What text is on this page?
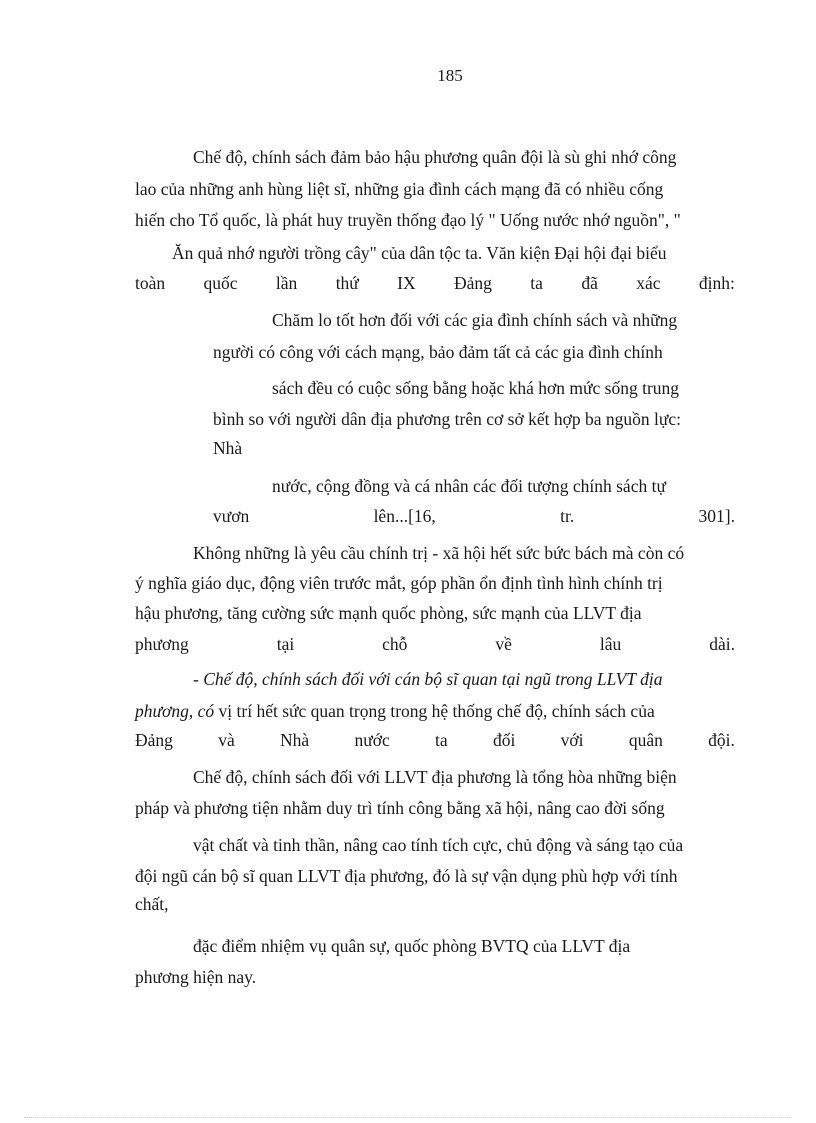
185
Chế độ, chính sách đảm bảo hậu phương quân đội là sù ghi nhớ công
lao của những anh hùng liệt sĩ, những gia đình cách mạng đã có nhiều cống
hiến cho Tổ quốc, là phát huy truyền thống đạo lý " Uống nước nhớ nguồn", "
Ăn quả nhớ người trồng cây" của dân tộc ta. Văn kiện Đại hội đại biểu
toàn quốc lần thứ IX Đảng ta đã xác định:
Chăm lo tốt hơn đối với các gia đình chính sách và những
người có công với cách mạng, bảo đảm tất cả các gia đình chính
sách đều có cuộc sống bằng hoặc khá hơn mức sống trung
bình so với người dân địa phương trên cơ sở kết hợp ba nguồn lực:
Nhà
nước, cộng đồng và cá nhân các đối tượng chính sách tự
vươn	lên...[16,	tr.	301].
Không những là yêu cầu chính trị - xã hội hết sức bức bách mà còn có
ý nghĩa giáo dục, động viên trước mắt, góp phần ổn định tình hình chính trị
hậu phương, tăng cường sức mạnh quốc phòng, sức mạnh của LLVT địa
phương	tại	chỗ	về	lâu	dài.
- Chế độ, chính sách đối với cán bộ sĩ quan tại ngũ trong LLVT địa
phương, có vị trí hết sức quan trọng trong hệ thống chế độ, chính sách của
Đảng	và	Nhà	nước	ta	đối	với	quân	đội.
Chế độ, chính sách đối với LLVT địa phương là tổng hòa những biện
pháp và phương tiện nhằm duy trì tính công bằng xã hội, nâng cao đời sống
vật chất và tinh thần, nâng cao tính tích cực, chủ động và sáng tạo của
đội ngũ cán bộ sĩ quan LLVT địa phương, đó là sự vận dụng phù hợp với tính
chất,
đặc điểm nhiệm vụ quân sự, quốc phòng BVTQ của LLVT địa
phương hiện nay.
